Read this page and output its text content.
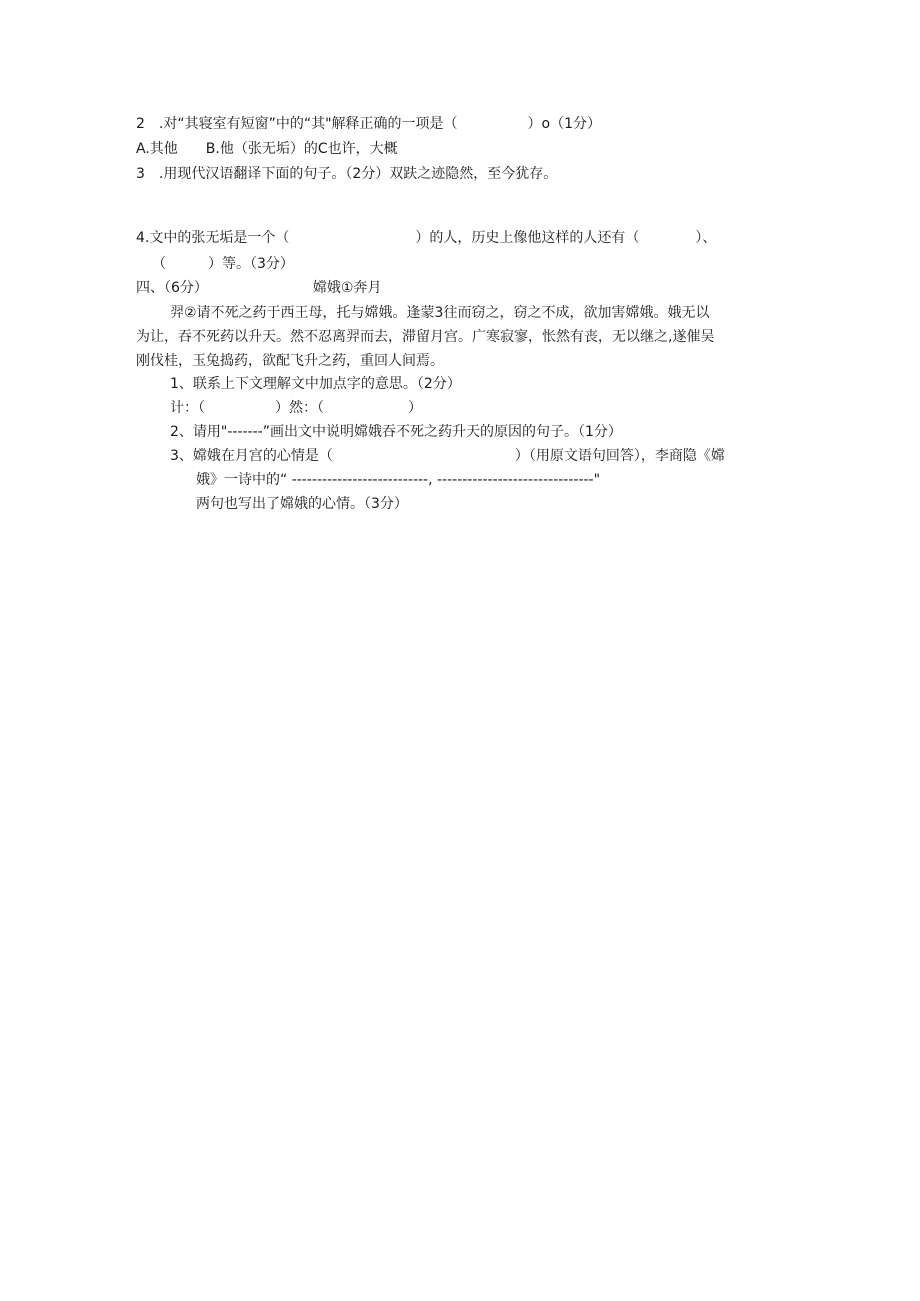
2　.对“其寝室有短窗”中的“其"解释正确的一项是（　　　　　）o（1分）
A.其他　　B.他（张无垢）的C也许，大概
3　.用现代汉语翻译下面的句子。（2分）双趺之迹隐然，至今犹存。
4.文中的张无垢是一个（　　　　　　　　　）的人，历史上像他这样的人还有（　　　　）、
（　　　）等。（3分）
四、（6分）　　　　　　　　嫦娥①奔月
羿②请不死之药于西王母，托与嫦娥。逢蒙3往而窃之，窃之不成，欲加害嫦娥。娥无以
为让，吞不死药以升天。然不忍离羿而去，滞留月宫。广寒寂寥，怅然有丧，无以继之,遂催吴
刚伐桂，玉兔捣药，欲配飞升之药，重回人间焉。
1、联系上下文理解文中加点字的意思。（2分）
计：（　　　　　）然：（　　　　　　）
2、请用"-------”画出文中说明嫦娥吞不死之药升天的原因的句子。（1分）
3、嫦娥在月宫的心情是（　　　　　　　　　　　　　）（用原文语句回答），李商隐《嫦
娥》一诗中的“ ---------------------------, -------------------------------"
两句也写出了嫦娥的心情。（3分）
